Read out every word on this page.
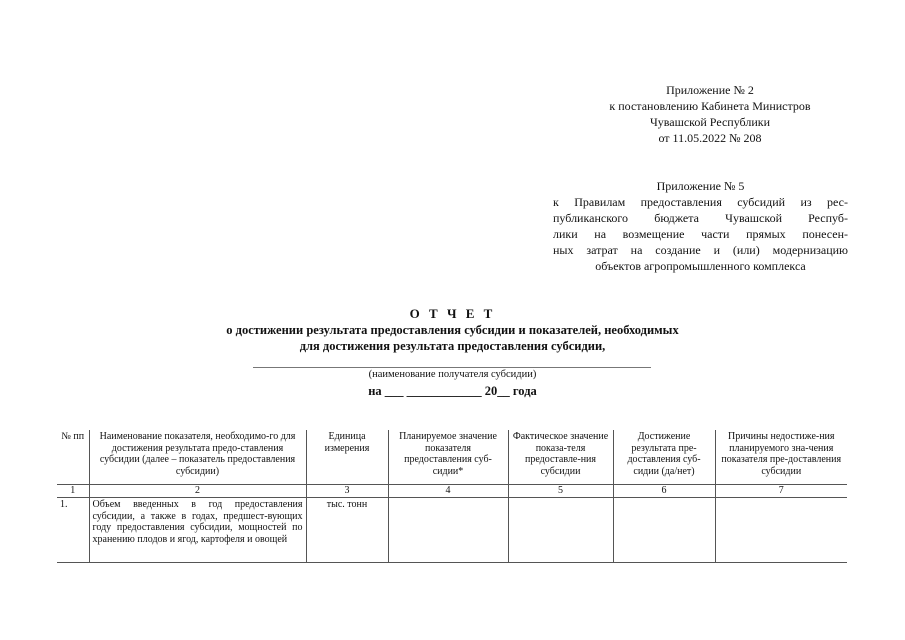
Приложение № 2
к постановлению Кабинета Министров
Чувашской Республики
от 11.05.2022 № 208
Приложение № 5
к Правилам предоставления субсидий из рес-
публиканского бюджета Чувашской Респуб-
лики на возмещение части прямых понесен-
ных затрат на создание и (или) модернизацию
объектов агропромышленного комплекса
О Т Ч Е Т
о достижении результата предоставления субсидии и показателей, необходимых
для достижения результата предоставления субсидии,
(наименование получателя субсидии)
на ___ ____________ 20__ года
№ пп	Наименование показателя, необходимо-го для достижения результата предо-ставления субсидии (далее – показатель предоставления субсидии)	Единица измерения	Планируемое значение показателя предоставления суб-сидии*	Фактическое значение показа-теля предоставле-ния субсидии	Достижение результата пре-доставления суб-сидии (да/нет)	Причины недостиже-ния планируемого зна-чения показателя пре-доставления субсидии
1	2	3	4	5	6	7
1.	Объем введенных в год предоставления субсидии, а также в годах, предшест-вующих году предоставления субсидии, мощностей по хранению плодов и ягод, картофеля и овощей	тыс. тонн				
